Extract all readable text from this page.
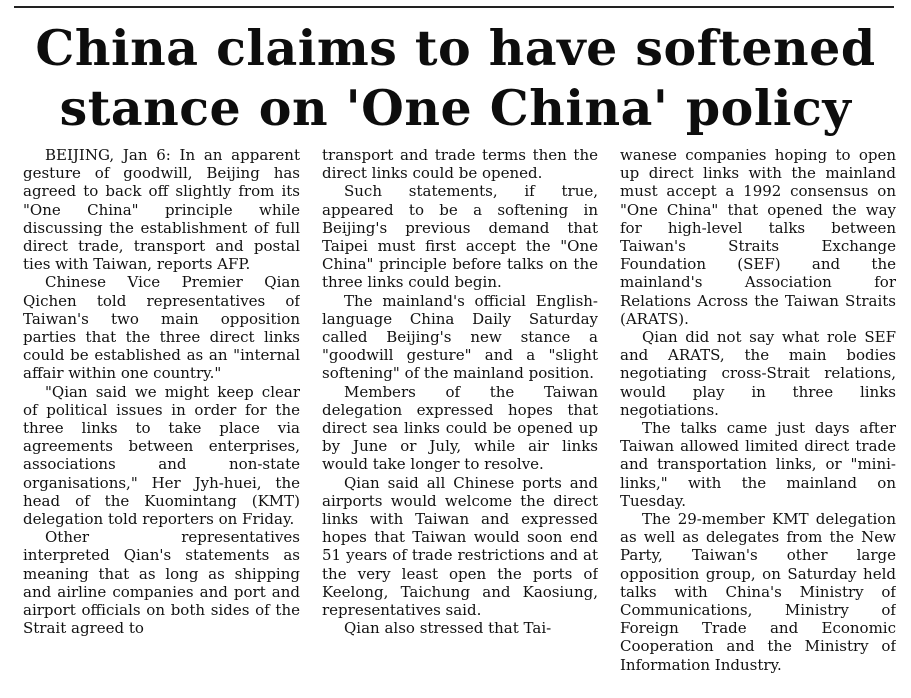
China claims to have softened
stance on 'One China' policy

BEIJING, Jan 6: In an apparent gesture of goodwill, Beijing has agreed to back off slightly from its "One China" principle while discussing the establishment of full direct trade, transport and postal ties with Taiwan, reports AFP.

Chinese Vice Premier Qian Qichen told representatives of Taiwan's two main opposition parties that the three direct links could be established as an "internal affair within one country."

"Qian said we might keep clear of political issues in order for the three links to take place via agreements between enterprises, associations and non-state organisations," Her Jyh-huei, the head of the Kuomintang (KMT) delegation told reporters on Friday.

Other representatives interpreted Qian's statements as meaning that as long as shipping and airline companies and port and airport officials on both sides of the Strait agreed to

transport and trade terms then the direct links could be opened.

Such statements, if true, appeared to be a softening in Beijing's previous demand that Taipei must first accept the "One China" principle before talks on the three links could begin.

The mainland's official English-language China Daily Saturday called Beijing's new stance a "goodwill gesture" and a "slight softening" of the mainland position.

Members of the Taiwan delegation expressed hopes that direct sea links could be opened up by June or July, while air links would take longer to resolve.

Qian said all Chinese ports and airports would welcome the direct links with Taiwan and expressed hopes that Taiwan would soon end 51 years of trade restrictions and at the very least open the ports of Keelong, Taichung and Kaosiung, representatives said.

Qian also stressed that Tai-

wanese companies hoping to open up direct links with the mainland must accept a 1992 consensus on "One China" that opened the way for high-level talks between Taiwan's Straits Exchange Foundation (SEF) and the mainland's Association for Relations Across the Taiwan Straits (ARATS).

Qian did not say what role SEF and ARATS, the main bodies negotiating cross-Strait relations, would play in three links negotiations.

The talks came just days after Taiwan allowed limited direct trade and transportation links, or "mini-links," with the mainland on Tuesday.

The 29-member KMT delegation as well as delegates from the New Party, Taiwan's other large opposition group, on Saturday held talks with China's Ministry of Communications, Ministry of Foreign Trade and Economic Cooperation and the Ministry of Information Industry.
